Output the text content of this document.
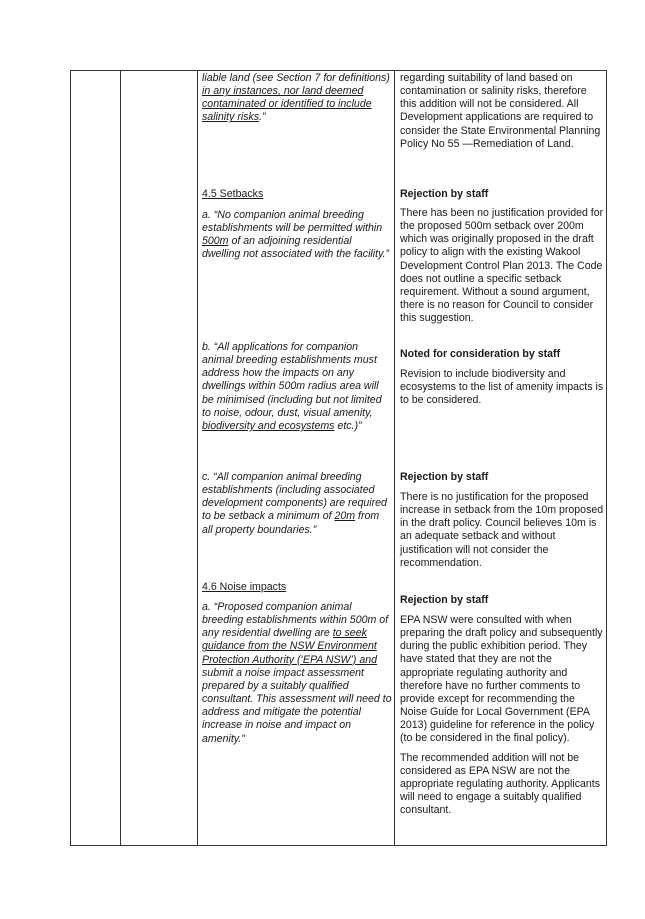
liable land (see Section 7 for definitions) in any instances, nor land deemed contaminated or identified to include salinity risks.”

regarding suitability of land based on contamination or salinity risks, therefore this addition will not be considered. All Development applications are required to consider the State Environmental Planning Policy No 55 —Remediation of Land.

4.5 Setbacks
a. “No companion animal breeding establishments will be permitted within 500m of an adjoining residential dwelling not associated with the facility.”
Rejection by staff

There has been no justification provided for the proposed 500m setback over 200m which was originally proposed in the draft policy to align with the existing Wakool Development Control Plan 2013. The Code does not outline a specific setback requirement. Without a sound argument, there is no reason for Council to consider this suggestion.

b. “All applications for companion animal breeding establishments must address how the impacts on any dwellings within 500m radius area will be minimised (including but not limited to noise, odour, dust, visual amenity, biodiversity and ecosystems etc.)”
Noted for consideration by staff

Revision to include biodiversity and ecosystems to the list of amenity impacts is to be considered.

c. “All companion animal breeding establishments (including associated development components) are required to be setback a minimum of 20m from all property boundaries.”
Rejection by staff

There is no justification for the proposed increase in setback from the 10m proposed in the draft policy. Council believes 10m is an adequate setback and without justification will not consider the recommendation.

4.6 Noise impacts
a. “Proposed companion animal breeding establishments within 500m of any residential dwelling are to seek guidance from the NSW Environment Protection Authority (‘EPA NSW’) and submit a noise impact assessment prepared by a suitably qualified consultant. This assessment will need to address and mitigate the potential increase in noise and impact on amenity."
Rejection by staff

EPA NSW were consulted with when preparing the draft policy and subsequently during the public exhibition period. They have stated that they are not the appropriate regulating authority and therefore have no further comments to provide except for recommending the Noise Guide for Local Government (EPA 2013) guideline for reference in the policy (to be considered in the final policy).

The recommended addition will not be considered as EPA NSW are not the appropriate regulating authority. Applicants will need to engage a suitably qualified consultant.
